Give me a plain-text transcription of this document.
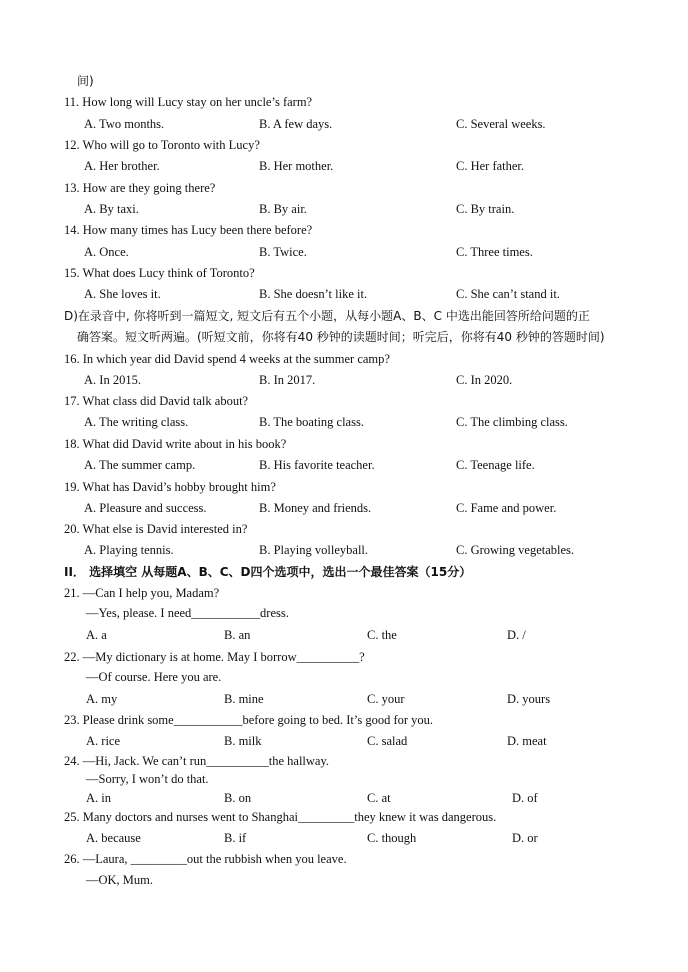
间)
11. How long will Lucy stay on her uncle’s farm?
A. Two months.	B. A few days.	C. Several weeks.
12. Who will go to Toronto with Lucy?
A. Her brother.	B. Her mother.	C. Her father.
13. How are they going there?
A. By taxi.	B. By air.	C. By train.
14. How many times has Lucy been there before?
A. Once.	B. Twice.	C. Three times.
15. What does Lucy think of Toronto?
A. She loves it.	B. She doesn’t like it.	C. She can’t stand it.
D)在录音中, 你将听到一篇短文, 短文后有五个小题，从每小题A、B、C 中选出能回答所给问题的正
确答案。短文听两遍。(听短文前，你将有40 秒钟的读题时间；听完后，你将有40 秒钟的答题时间)
16. In which year did David spend 4 weeks at the summer camp?
A. In 2015.	B. In 2017.	C. In 2020.
17. What class did David talk about?
A. The writing class.	B. The boating class.	C. The climbing class.
18. What did David write about in his book?
A. The summer camp.	B. His favorite teacher.	C. Teenage life.
19. What has David’s hobby brought him?
A. Pleasure and success.	B. Money and friends.	C. Fame and power.
20. What else is David interested in?
A. Playing tennis.	B. Playing volleyball.	C. Growing vegetables.
II． 选择填空 从每题A、B、C、D四个选项中，选出一个最佳答案（15分）
21. —Can I help you, Madam?
—Yes, please. I need___________dress.
A. a	B. an	C. the	D. /
22. —My dictionary is at home. May I borrow__________?
—Of course. Here you are.
A. my	B. mine	C. your	D. yours
23. Please drink some___________before going to bed. It’s good for you.
A. rice	B. milk	C. salad	D. meat
24. —Hi, Jack. We can’t run__________the hallway.
—Sorry, I won’t do that.
A. in	B. on	C. at	D. of
25. Many doctors and nurses went to Shanghai_________they knew it was dangerous.
A. because	B. if	C. though	D. or
26. —Laura, _________out the rubbish when you leave.
—OK, Mum.
